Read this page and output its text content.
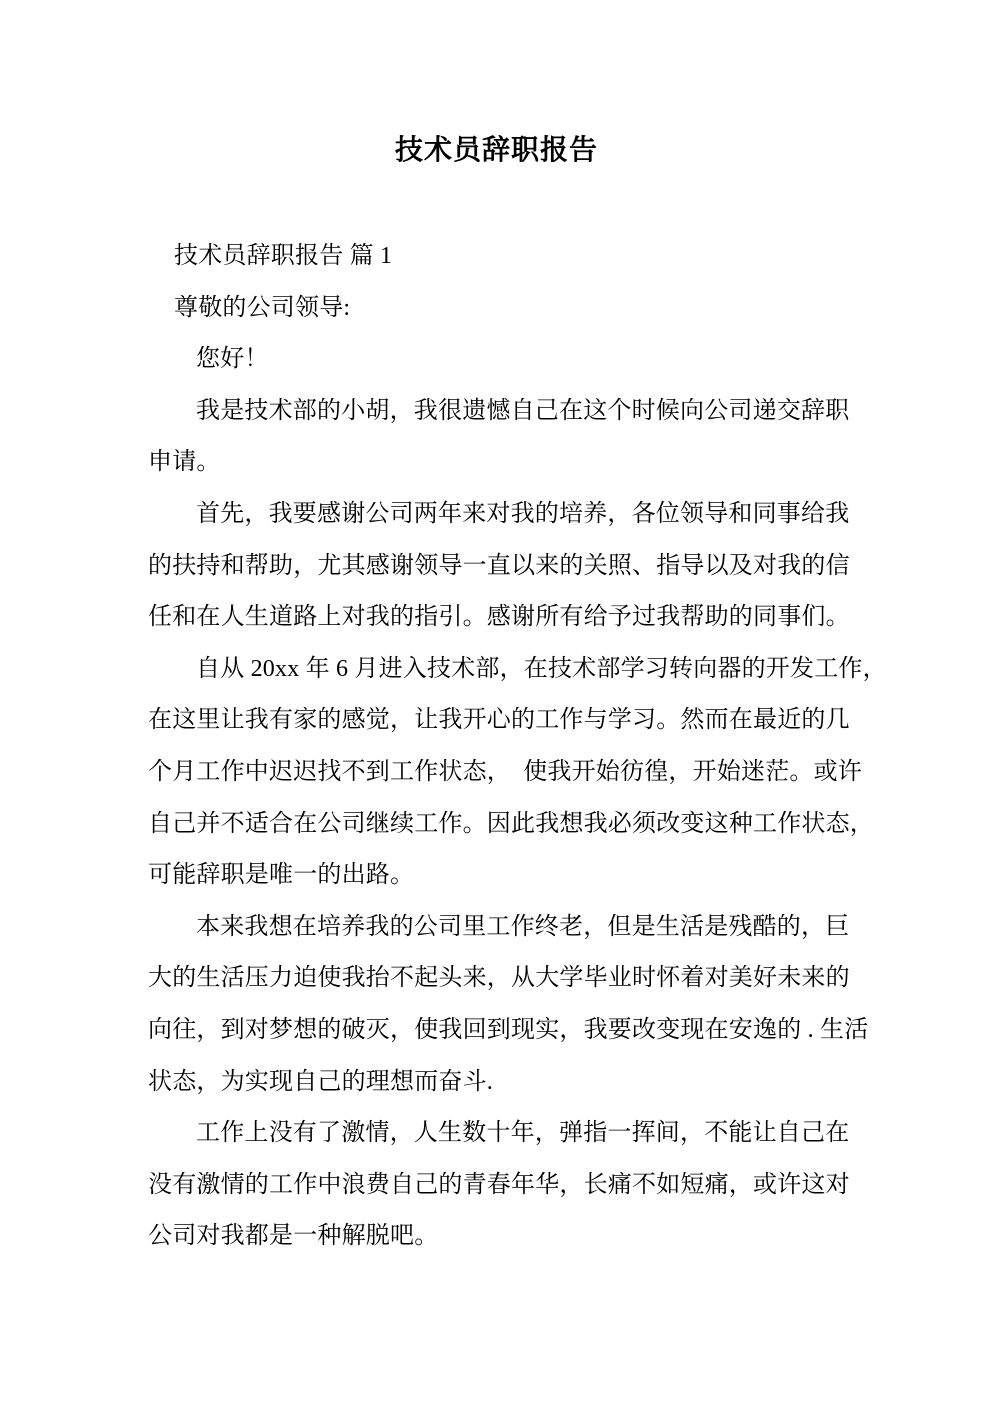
技术员辞职报告
技术员辞职报告 篇 1
尊敬的公司领导:
您好！
我是技术部的小胡，我很遗憾自己在这个时候向公司递交辞职
申请。
首先，我要感谢公司两年来对我的培养，各位领导和同事给我
的扶持和帮助，尤其感谢领导一直以来的关照、指导以及对我的信
任和在人生道路上对我的指引。感谢所有给予过我帮助的同事们。
自从 20xx 年 6 月进入技术部，在技术部学习转向器的开发工作，
在这里让我有家的感觉，让我开心的工作与学习。然而在最近的几
个月工作中迟迟找不到工作状态，　使我开始彷徨，开始迷茫。或许
自己并不适合在公司继续工作。因此我想我必须改变这种工作状态，
可能辞职是唯一的出路。
本来我想在培养我的公司里工作终老，但是生活是残酷的，巨
大的生活压力迫使我抬不起头来，从大学毕业时怀着对美好未来的
向往，到对梦想的破灭，使我回到现实，我要改变现在安逸的 . 生活
状态，为实现自己的理想而奋斗.
工作上没有了激情，人生数十年，弹指一挥间，不能让自己在
没有激情的工作中浪费自己的青春年华，长痛不如短痛，或许这对
公司对我都是一种解脱吧。
